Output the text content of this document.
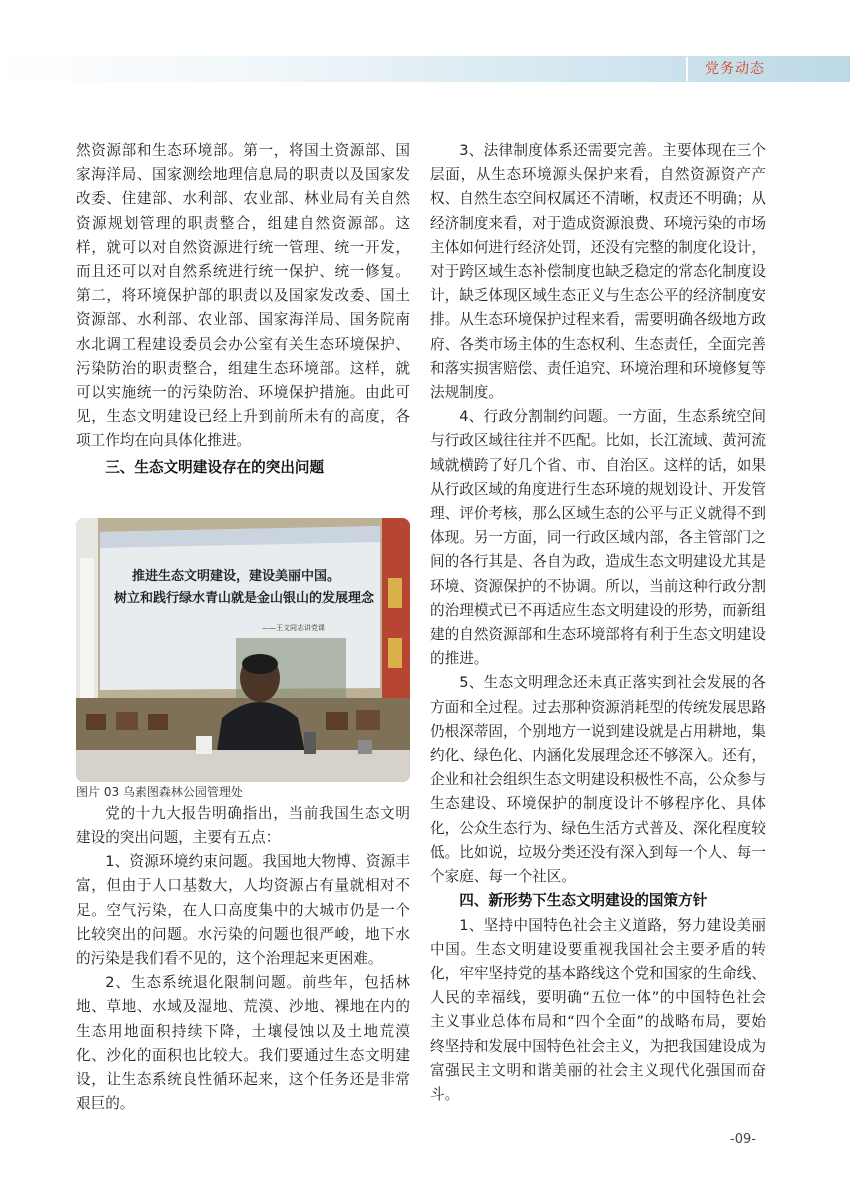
党务动态

然资源部和生态环境部。第一，将国土资源部、国家海洋局、国家测绘地理信息局的职责以及国家发改委、住建部、水利部、农业部、林业局有关自然资源规划管理的职责整合，组建自然资源部。这样，就可以对自然资源进行统一管理、统一开发，而且还可以对自然系统进行统一保护、统一修复。第二，将环境保护部的职责以及国家发改委、国土资源部、水利部、农业部、国家海洋局、国务院南水北调工程建设委员会办公室有关生态环境保护、污染防治的职责整合，组建生态环境部。这样，就可以实施统一的污染防治、环境保护措施。由此可见，生态文明建设已经上升到前所未有的高度，各项工作均在向具体化推进。

三、生态文明建设存在的突出问题

推进生态文明建设，建设美丽中国。
树立和践行绿水青山就是金山银山的发展理念
——王文同志讲党课

图片 03 乌素图森林公园管理处

党的十九大报告明确指出，当前我国生态文明建设的突出问题，主要有五点：

1、资源环境约束问题。我国地大物博、资源丰富，但由于人口基数大，人均资源占有量就相对不足。空气污染，在人口高度集中的大城市仍是一个比较突出的问题。水污染的问题也很严峻，地下水的污染是我们看不见的，这个治理起来更困难。

2、生态系统退化限制问题。前些年，包括林地、草地、水域及湿地、荒漠、沙地、裸地在内的生态用地面积持续下降，土壤侵蚀以及土地荒漠化、沙化的面积也比较大。我们要通过生态文明建设，让生态系统良性循环起来，这个任务还是非常艰巨的。

3、法律制度体系还需要完善。主要体现在三个层面，从生态环境源头保护来看，自然资源资产产权、自然生态空间权属还不清晰，权责还不明确；从经济制度来看，对于造成资源浪费、环境污染的市场主体如何进行经济处罚，还没有完整的制度化设计，对于跨区域生态补偿制度也缺乏稳定的常态化制度设计，缺乏体现区域生态正义与生态公平的经济制度安排。从生态环境保护过程来看，需要明确各级地方政府、各类市场主体的生态权利、生态责任，全面完善和落实损害赔偿、责任追究、环境治理和环境修复等法规制度。

4、行政分割制约问题。一方面，生态系统空间与行政区域往往并不匹配。比如，长江流域、黄河流域就横跨了好几个省、市、自治区。这样的话，如果从行政区域的角度进行生态环境的规划设计、开发管理、评价考核，那么区域生态的公平与正义就得不到体现。另一方面，同一行政区域内部，各主管部门之间的各行其是、各自为政，造成生态文明建设尤其是环境、资源保护的不协调。所以，当前这种行政分割的治理模式已不再适应生态文明建设的形势，而新组建的自然资源部和生态环境部将有利于生态文明建设的推进。

5、生态文明理念还未真正落实到社会发展的各方面和全过程。过去那种资源消耗型的传统发展思路仍根深蒂固，个别地方一说到建设就是占用耕地，集约化、绿色化、内涵化发展理念还不够深入。还有，企业和社会组织生态文明建设积极性不高，公众参与生态建设、环境保护的制度设计不够程序化、具体化，公众生态行为、绿色生活方式普及、深化程度较低。比如说，垃圾分类还没有深入到每一个人、每一个家庭、每一个社区。

四、新形势下生态文明建设的国策方针

1、坚持中国特色社会主义道路，努力建设美丽中国。生态文明建设要重视我国社会主要矛盾的转化，牢牢坚持党的基本路线这个党和国家的生命线、人民的幸福线，要明确“五位一体”的中国特色社会主义事业总体布局和“四个全面”的战略布局，要始终坚持和发展中国特色社会主义，为把我国建设成为富强民主文明和谐美丽的社会主义现代化强国而奋斗。

-09-
